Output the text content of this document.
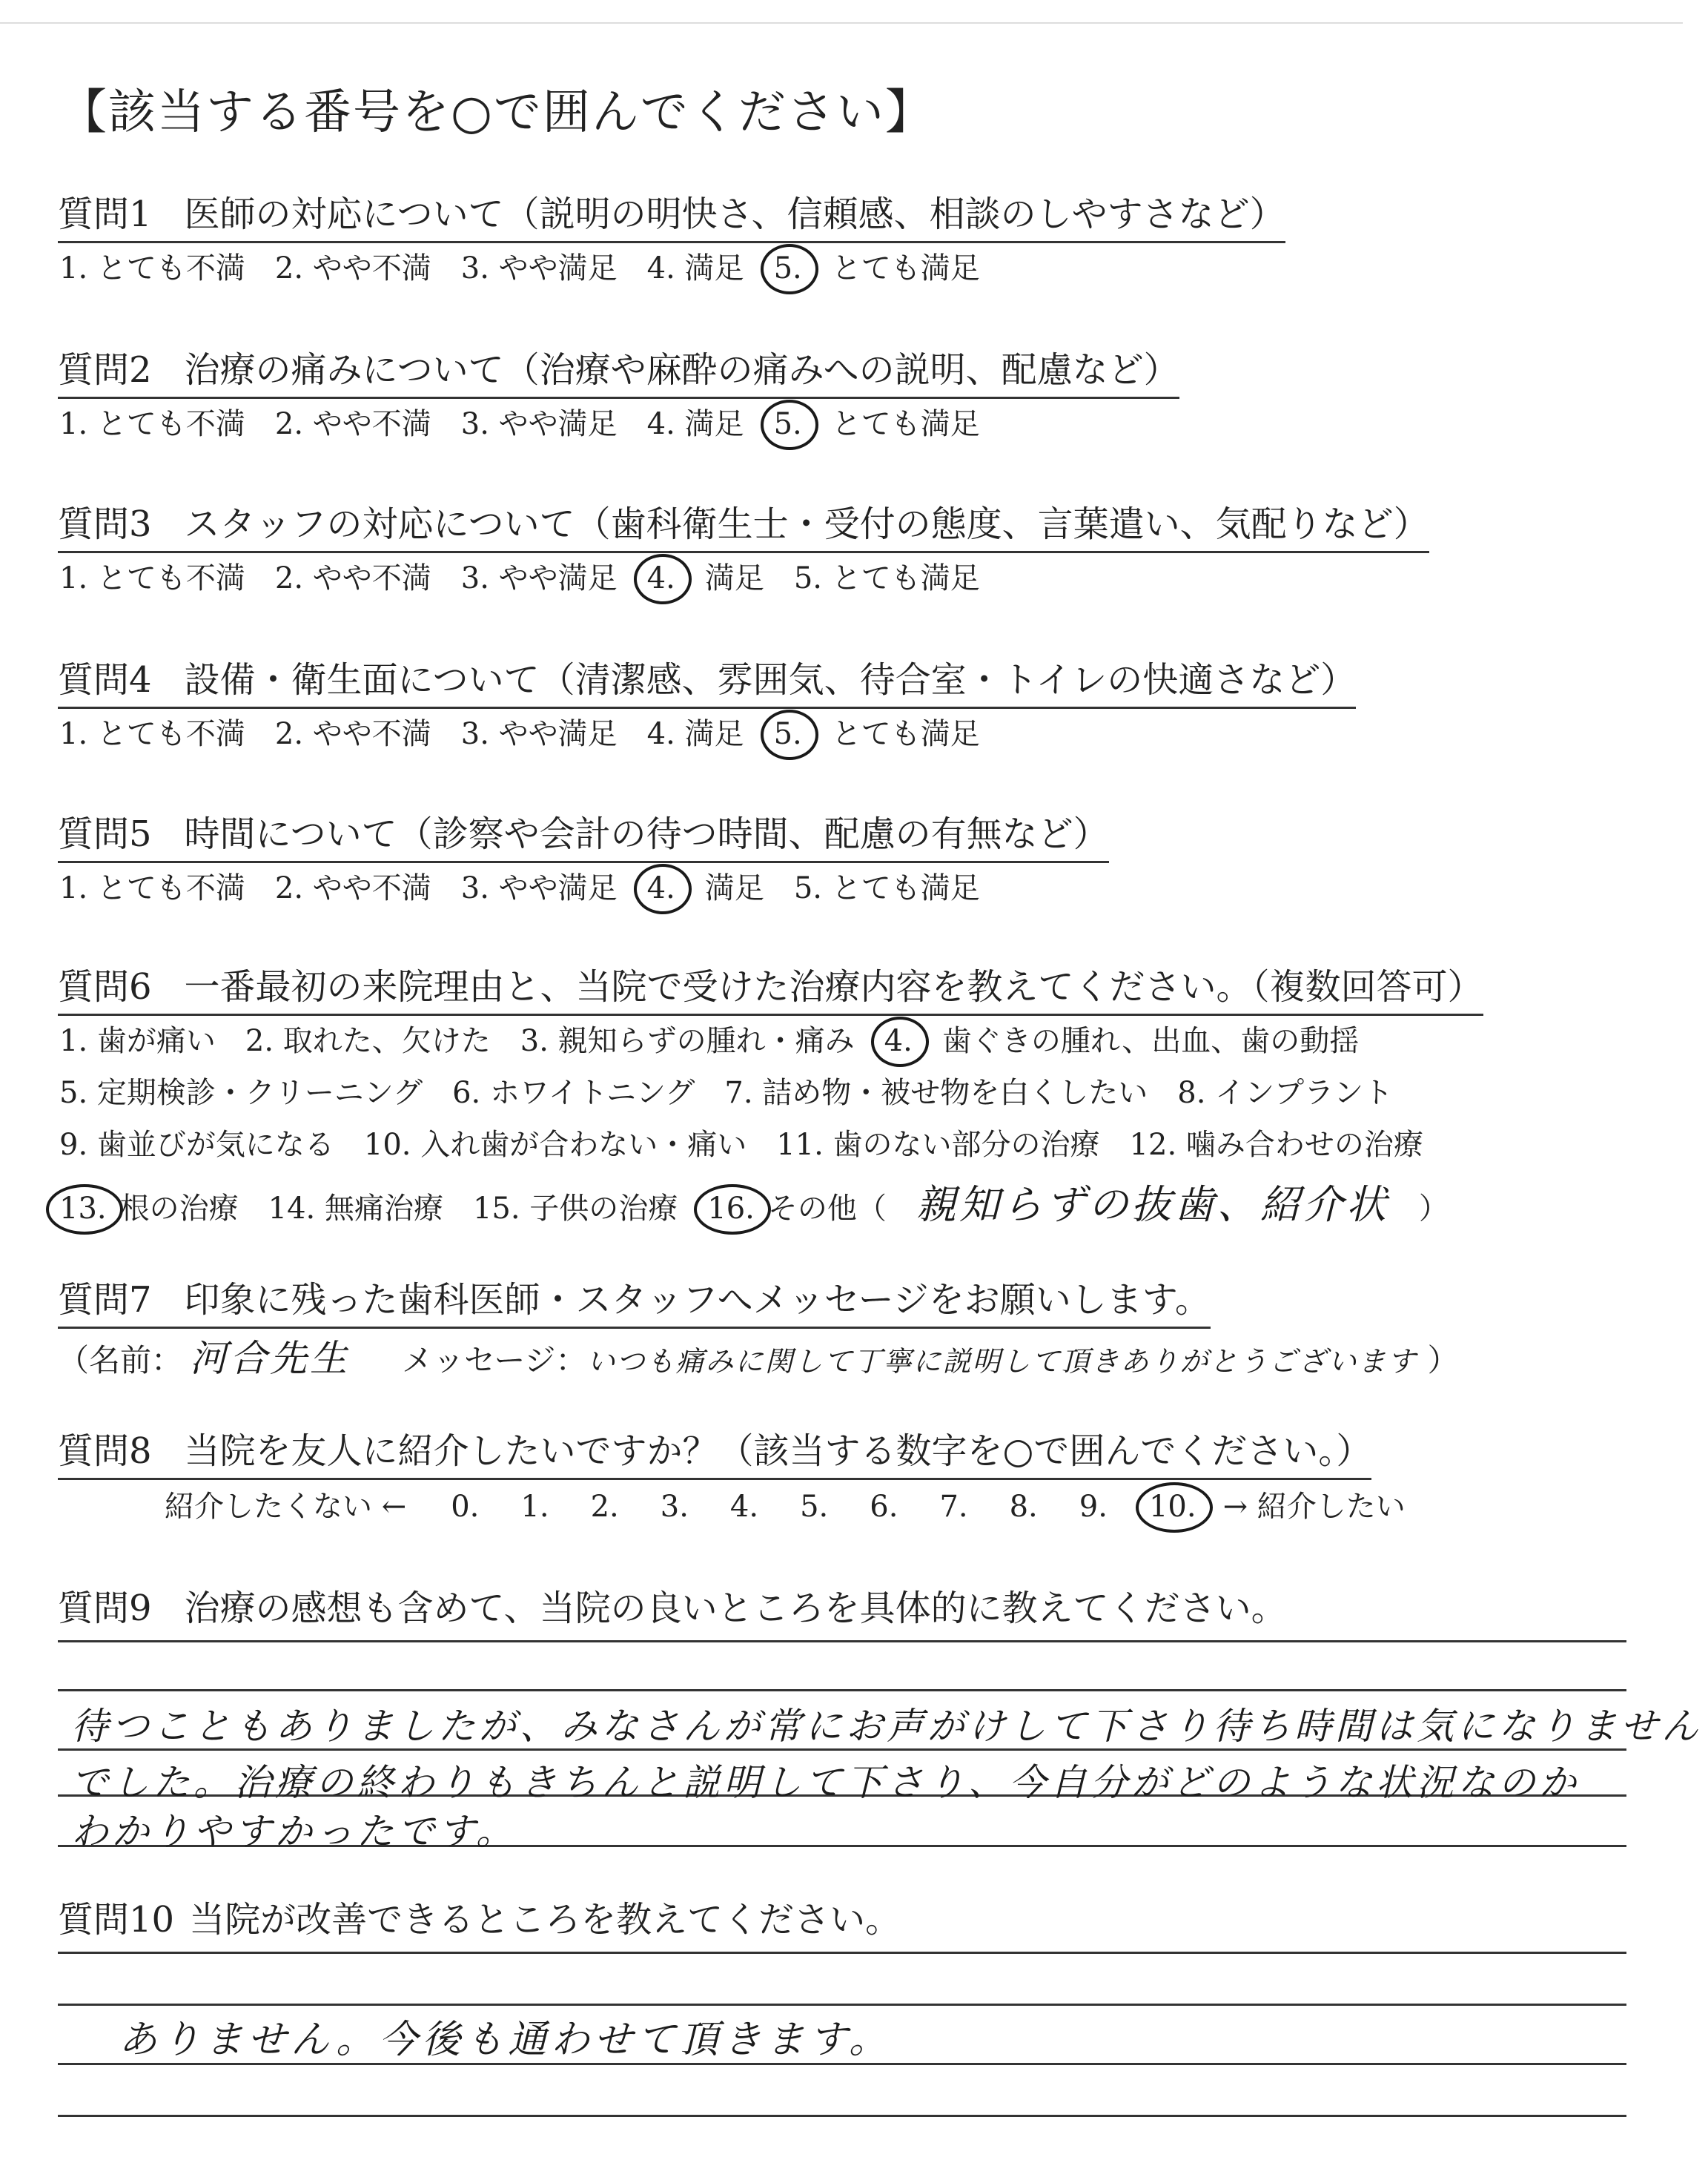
【該当する番号を○で囲んでください】
質問1 医師の対応について（説明の明快さ、信頼感、相談のしやすさなど）
1. とても不満 2. やや不満 3. やや満足 4. 満足 5. とても満足
質問2 治療の痛みについて（治療や麻酔の痛みへの説明、配慮など）
1. とても不満 2. やや不満 3. やや満足 4. 満足 5. とても満足
質問3 スタッフの対応について（歯科衛生士・受付の態度、言葉遣い、気配りなど）
1. とても不満 2. やや不満 3. やや満足 4. 満足 5. とても満足
質問4 設備・衛生面について（清潔感、雰囲気、待合室・トイレの快適さなど）
1. とても不満 2. やや不満 3. やや満足 4. 満足 5. とても満足
質問5 時間について（診察や会計の待つ時間、配慮の有無など）
1. とても不満 2. やや不満 3. やや満足 4. 満足 5. とても満足
質問6 一番最初の来院理由と、当院で受けた治療内容を教えてください。（複数回答可）
1. 歯が痛い 2. 取れた、欠けた 3. 親知らずの腫れ・痛み 4. 歯ぐきの腫れ、出血、歯の動揺
5. 定期検診・クリーニング 6. ホワイトニング 7. 詰め物・被せ物を白くしたい 8. インプラント
9. 歯並びが気になる 10. 入れ歯が合わない・痛い 11. 歯のない部分の治療 12. 噛み合わせの治療
13. 根の治療 14. 無痛治療 15. 子供の治療 16. その他（ 親知らずの抜歯、紹介状 ）
質問7 印象に残った歯科医師・スタッフへメッセージをお願いします。
（名前： 河合先生 メッセージ：いつも痛みに関して丁寧に説明して頂きありがとうございます ）
質問8 当院を友人に紹介したいですか？（該当する数字を○で囲んでください。）
紹介したくない ← 0. 1. 2. 3. 4. 5. 6. 7. 8. 9. 10. → 紹介したい
質問9 治療の感想も含めて、当院の良いところを具体的に教えてください。
待つこともありましたが、みなさんが常にお声がけして下さり待ち時間は気になりません
でした。治療の終わりもきちんと説明して下さり、今自分がどのような状況なのか
わかりやすかったです。
質問10 当院が改善できるところを教えてください。
ありません。今後も通わせて頂きます。
